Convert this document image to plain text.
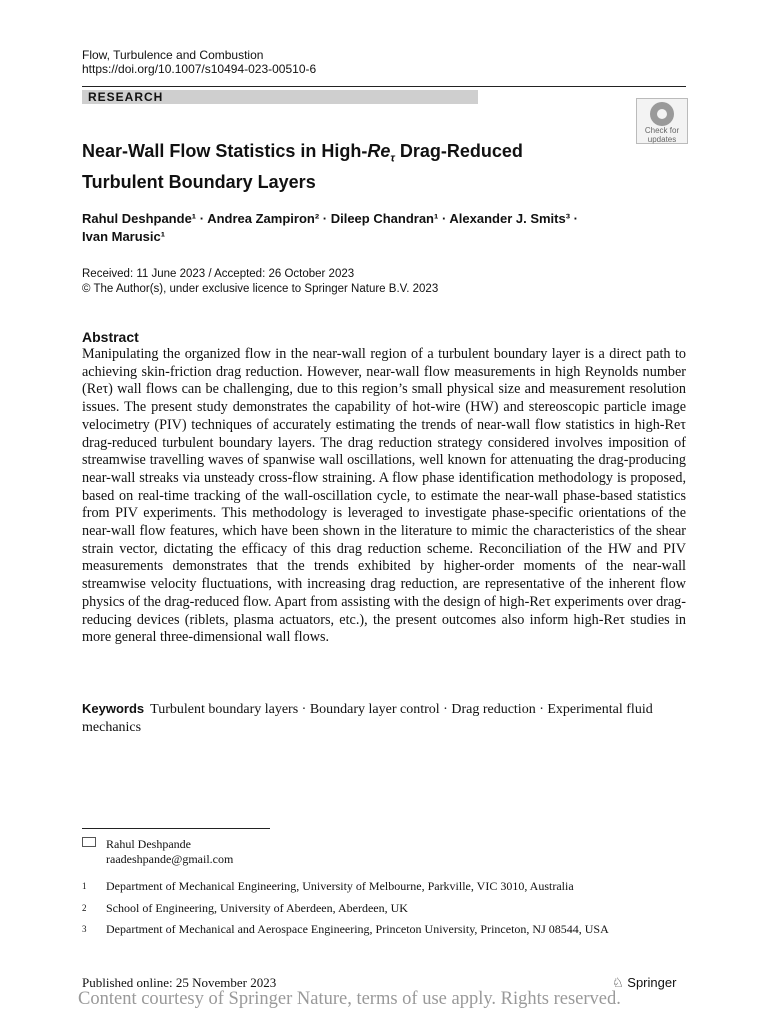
Flow, Turbulence and Combustion
https://doi.org/10.1007/s10494-023-00510-6
RESEARCH
Check for
updates
Near-Wall Flow Statistics in High-$Re_\tau$ Drag-Reduced
Turbulent Boundary Layers
Rahul Deshpande¹ · Andrea Zampiron² · Dileep Chandran¹ · Alexander J. Smits³ ·
Ivan Marusic¹
Received: 11 June 2023 / Accepted: 26 October 2023
© The Author(s), under exclusive licence to Springer Nature B.V. 2023
Abstract
Manipulating the organized flow in the near-wall region of a turbulent boundary layer is a direct path to achieving skin-friction drag reduction. However, near-wall flow measurements in high Reynolds number (Reτ) wall flows can be challenging, due to this region’s small physical size and measurement resolution issues. The present study demonstrates the capability of hot-wire (HW) and stereoscopic particle image velocimetry (PIV) techniques of accurately estimating the trends of near-wall flow statistics in high-Reτ drag-reduced turbulent boundary layers. The drag reduction strategy considered involves imposition of streamwise travelling waves of spanwise wall oscillations, well known for attenuating the drag-producing near-wall streaks via unsteady cross-flow straining. A flow phase identification methodology is proposed, based on real-time tracking of the wall-oscillation cycle, to estimate the near-wall phase-based statistics from PIV experiments. This methodology is leveraged to investigate phase-specific orientations of the near-wall flow features, which have been shown in the literature to mimic the characteristics of the shear strain vector, dictating the efficacy of this drag reduction scheme. Reconciliation of the HW and PIV measurements demonstrates that the trends exhibited by higher-order moments of the near-wall streamwise velocity fluctuations, with increasing drag reduction, are representative of the inherent flow physics of the drag-reduced flow. Apart from assisting with the design of high-Reτ experiments over drag-reducing devices (riblets, plasma actuators, etc.), the present outcomes also inform high-Reτ studies in more general three-dimensional wall flows.
Keywords Turbulent boundary layers · Boundary layer control · Drag reduction · Experimental fluid mechanics
Rahul Deshpande
raadeshpande@gmail.com
1 Department of Mechanical Engineering, University of Melbourne, Parkville, VIC 3010, Australia
2 School of Engineering, University of Aberdeen, Aberdeen, UK
3 Department of Mechanical and Aerospace Engineering, Princeton University, Princeton, NJ 08544, USA
Published online: 25 November 2023	♘ Springer
Content courtesy of Springer Nature, terms of use apply. Rights reserved.
